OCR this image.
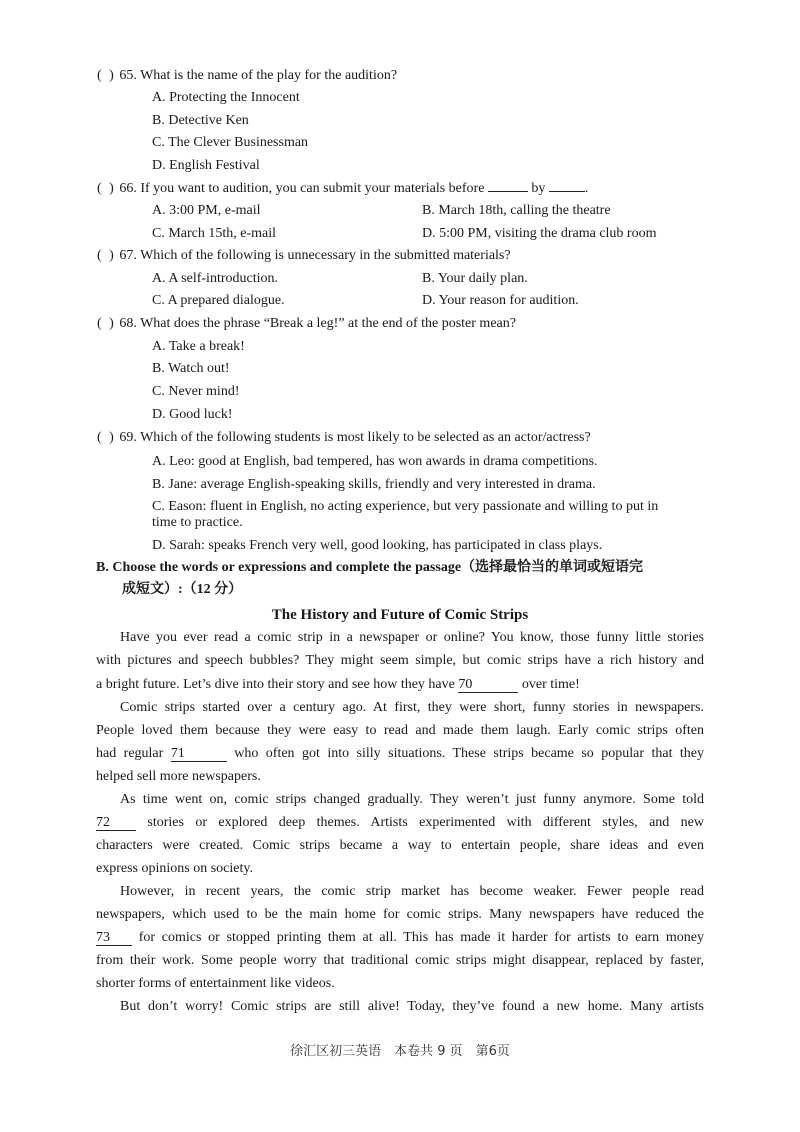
( ) 65. What is the name of the play for the audition?
A. Protecting the Innocent
B. Detective Ken
C. The Clever Businessman
D. English Festival
( ) 66. If you want to audition, you can submit your materials before	by	.
A. 3:00 PM, e-mail	B. March 18th, calling the theatre
C. March 15th, e-mail	D. 5:00 PM, visiting the drama club room
( ) 67. Which of the following is unnecessary in the submitted materials?
A. A self-introduction.	B. Your daily plan.
C. A prepared dialogue.	D. Your reason for audition.
( ) 68. What does the phrase “Break a leg!” at the end of the poster mean?
A. Take a break!
B. Watch out!
C. Never mind!
D. Good luck!
( ) 69. Which of the following students is most likely to be selected as an actor/actress?
A. Leo: good at English, bad tempered, has won awards in drama competitions.
B. Jane: average English-speaking skills, friendly and very interested in drama.
C. Eason: fluent in English, no acting experience, but very passionate and willing to put in
time to practice.
D. Sarah: speaks French very well, good looking, has participated in class plays.
B. Choose the words or expressions and complete the passage（选择最恰当的单词或短语完
成短文）:（12 分）
The History and Future of Comic Strips
Have you ever read a comic strip in a newspaper or online? You know, those funny little stories
with pictures and speech bubbles? They might seem simple, but comic strips have a rich history and
a bright future. Let’s dive into their story and see how they have 70	over time!
Comic strips started over a century ago. At first, they were short, funny stories in newspapers.
People loved them because they were easy to read and made them laugh. Early comic strips often
had regular 71	who often got into silly situations. These strips became so popular that they
helped sell more newspapers.
As time went on, comic strips changed gradually. They weren’t just funny anymore. Some told
72	stories or explored deep themes. Artists experimented with different styles, and new
characters were created. Comic strips became a way to entertain people, share ideas and even
express opinions on society.
However, in recent years, the comic strip market has become weaker. Fewer people read
newspapers, which used to be the main home for comic strips. Many newspapers have reduced the
73 for comics or stopped printing them at all. This has made it harder for artists to earn money
from their work. Some people worry that traditional comic strips might disappear, replaced by faster,
shorter forms of entertainment like videos.
But don’t worry! Comic strips are still alive! Today, they’ve found a new home. Many artists
徐汇区初三英语　本卷共 9 页　第6页
